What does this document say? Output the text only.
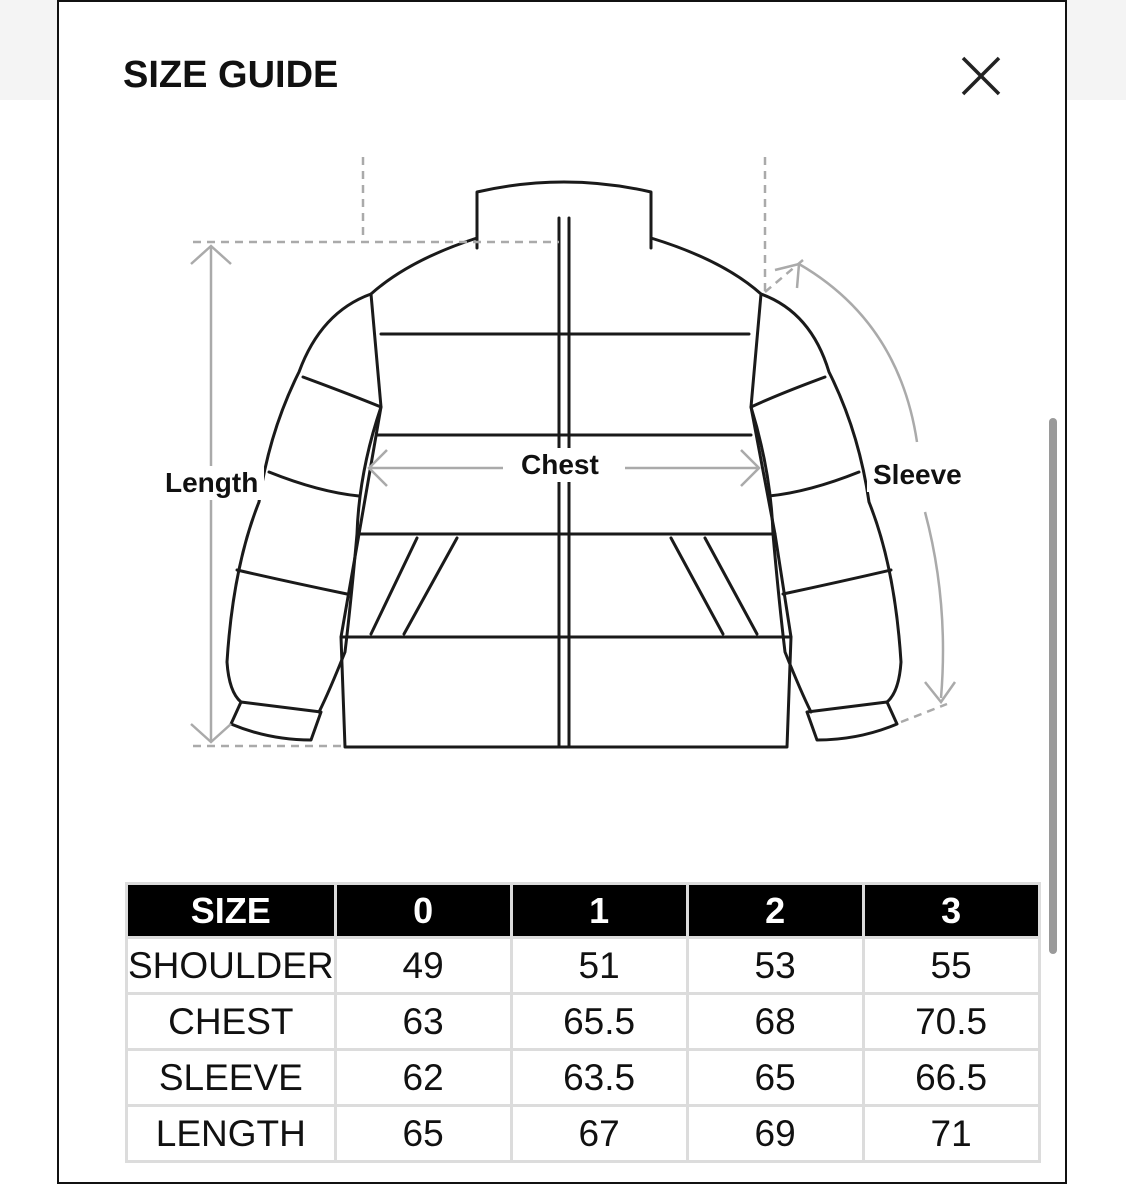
SIZE GUIDE
Length
Chest	Sleeve
SIZE	0	1	2	3
SHOULDER	49	51	53	55
CHEST	63	65.5	68	70.5
SLEEVE	62	63.5	65	66.5
LENGTH	65	67	69	71
